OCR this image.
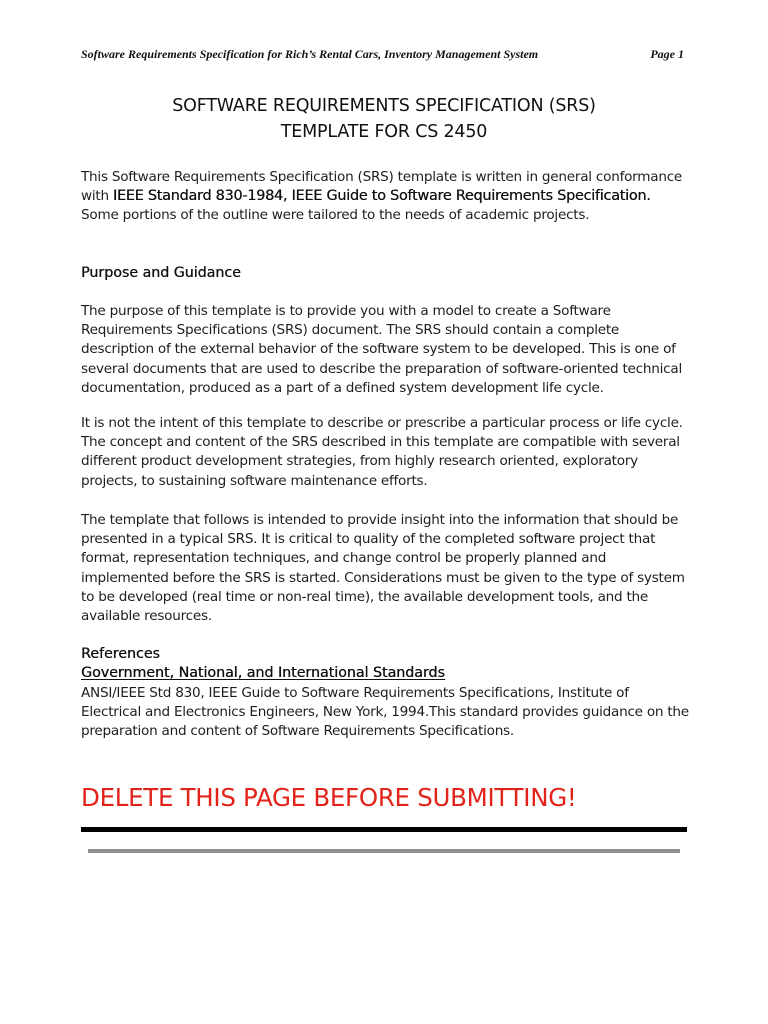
Software Requirements Specification for Rich’s Rental Cars, Inventory Management System	Page 1
SOFTWARE REQUIREMENTS SPECIFICATION (SRS)
TEMPLATE FOR CS 2450
This Software Requirements Specification (SRS) template is written in general conformance with IEEE Standard 830-1984, IEEE Guide to Software Requirements Specification. Some portions of the outline were tailored to the needs of academic projects.
Purpose and Guidance
The purpose of this template is to provide you with a model to create a Software Requirements Specifications (SRS) document. The SRS should contain a complete description of the external behavior of the software system to be developed. This is one of several documents that are used to describe the preparation of software-oriented technical documentation, produced as a part of a defined system development life cycle.
It is not the intent of this template to describe or prescribe a particular process or life cycle. The concept and content of the SRS described in this template are compatible with several different product development strategies, from highly research oriented, exploratory projects, to sustaining software maintenance efforts.
The template that follows is intended to provide insight into the information that should be presented in a typical SRS. It is critical to quality of the completed software project that format, representation techniques, and change control be properly planned and implemented before the SRS is started. Considerations must be given to the type of system to be developed (real time or non-real time), the available development tools, and the available resources.
References
Government, National, and International Standards
ANSI/IEEE Std 830, IEEE Guide to Software Requirements Specifications, Institute of Electrical and Electronics Engineers, New York, 1994.This standard provides guidance on the preparation and content of Software Requirements Specifications.
DELETE THIS PAGE BEFORE SUBMITTING!
